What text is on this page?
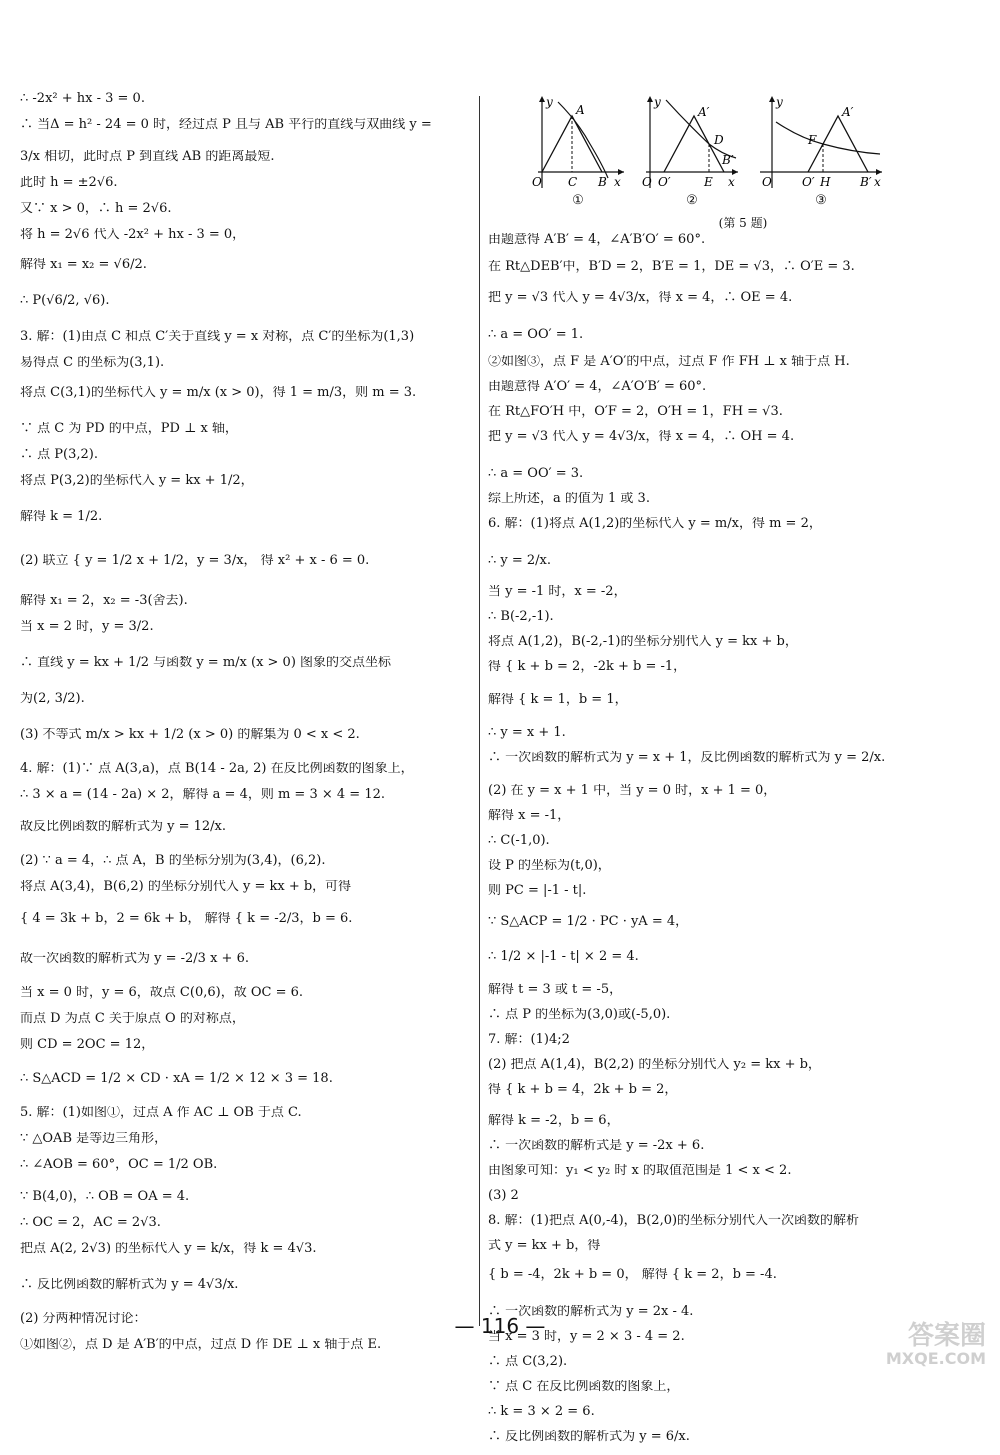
∴ -2x² + hx - 3 = 0.
∴ 当Δ = h² - 24 = 0 时，经过点 P 且与 AB 平行的直线与双曲线 y =
3/x 相切，此时点 P 到直线 AB 的距离最短.
此时 h = ±2√6.
又∵ x > 0，∴ h = 2√6.
将 h = 2√6 代入 -2x² + hx - 3 = 0，
解得 x₁ = x₂ = √6/2.
∴ P(√6/2, √6).
3. 解：(1)由点 C 和点 C′关于直线 y = x 对称，点 C′的坐标为(1,3)
易得点 C 的坐标为(3,1).
将点 C(3,1)的坐标代入 y = m/x (x > 0)，得 1 = m/3，则 m = 3.
∵ 点 C 为 PD 的中点，PD ⊥ x 轴，
∴ 点 P(3,2).
将点 P(3,2)的坐标代入 y = kx + 1/2，
解得 k = 1/2.
(2) 联立 { y = 1/2 x + 1/2，y = 3/x， 得 x² + x - 6 = 0.
解得 x₁ = 2，x₂ = -3(舍去).
当 x = 2 时，y = 3/2.
∴ 直线 y = kx + 1/2 与函数 y = m/x (x > 0) 图象的交点坐标
为(2, 3/2).
(3) 不等式 m/x > kx + 1/2 (x > 0) 的解集为 0 < x < 2.
4. 解：(1)∵ 点 A(3,a)，点 B(14 - 2a, 2) 在反比例函数的图象上，
∴ 3 × a = (14 - 2a) × 2，解得 a = 4，则 m = 3 × 4 = 12.
故反比例函数的解析式为 y = 12/x.
(2) ∵ a = 4，∴ 点 A，B 的坐标分别为(3,4)，(6,2).
将点 A(3,4)，B(6,2) 的坐标分别代入 y = kx + b，可得
{ 4 = 3k + b，2 = 6k + b， 解得 { k = -2/3，b = 6.
故一次函数的解析式为 y = -2/3 x + 6.
当 x = 0 时，y = 6，故点 C(0,6)，故 OC = 6.
而点 D 为点 C 关于原点 O 的对称点，
则 CD = 2OC = 12，
∴ S△ACD = 1/2 × CD · xA = 1/2 × 12 × 3 = 18.
5. 解：(1)如图①，过点 A 作 AC ⊥ OB 于点 C.
∵ △OAB 是等边三角形，
∴ ∠AOB = 60°，OC = 1/2 OB.
∵ B(4,0)，∴ OB = OA = 4.
∴ OC = 2，AC = 2√3.
把点 A(2, 2√3) 的坐标代入 y = k/x，得 k = 4√3.
∴ 反比例函数的解析式为 y = 4√3/x.
(2) 分两种情况讨论：
①如图②，点 D 是 A′B′的中点，过点 D 作 DE ⊥ x 轴于点 E.
A
O C B x
y
①
A′
D
B′
O O′	E x
y
②
A′
F
O	O′ H B′ x
y
③
(第 5 题)
由题意得 A′B′ = 4，∠A′B′O′ = 60°.
在 Rt△DEB′中，B′D = 2，B′E = 1，DE = √3，∴ O′E = 3.
把 y = √3 代入 y = 4√3/x，得 x = 4，∴ OE = 4.
∴ a = OO′ = 1.
②如图③，点 F 是 A′O′的中点，过点 F 作 FH ⊥ x 轴于点 H.
由题意得 A′O′ = 4，∠A′O′B′ = 60°.
在 Rt△FO′H 中，O′F = 2，O′H = 1，FH = √3.
把 y = √3 代入 y = 4√3/x，得 x = 4，∴ OH = 4.
∴ a = OO′ = 3.
综上所述，a 的值为 1 或 3.
6. 解：(1)将点 A(1,2)的坐标代入 y = m/x，得 m = 2，
∴ y = 2/x.
当 y = -1 时，x = -2，
∴ B(-2,-1).
将点 A(1,2)，B(-2,-1)的坐标分别代入 y = kx + b，
得 { k + b = 2，-2k + b = -1，
解得 { k = 1，b = 1，
∴ y = x + 1.
∴ 一次函数的解析式为 y = x + 1，反比例函数的解析式为 y = 2/x.
(2) 在 y = x + 1 中，当 y = 0 时，x + 1 = 0，
解得 x = -1，
∴ C(-1,0).
设 P 的坐标为(t,0)，
则 PC = |-1 - t|.
∵ S△ACP = 1/2 · PC · yA = 4，
∴ 1/2 × |-1 - t| × 2 = 4.
解得 t = 3 或 t = -5，
∴ 点 P 的坐标为(3,0)或(-5,0).
7. 解：(1)4;2
(2) 把点 A(1,4)，B(2,2) 的坐标分别代入 y₂ = kx + b，
得 { k + b = 4，2k + b = 2，
解得 k = -2，b = 6，
∴ 一次函数的解析式是 y = -2x + 6.
由图象可知：y₁ < y₂ 时 x 的取值范围是 1 < x < 2.
(3) 2
8. 解：(1)把点 A(0,-4)，B(2,0)的坐标分别代入一次函数的解析
式 y = kx + b，得
{ b = -4，2k + b = 0， 解得 { k = 2，b = -4.
∴ 一次函数的解析式为 y = 2x - 4.
当 x = 3 时，y = 2 × 3 - 4 = 2.
∴ 点 C(3,2).
∵ 点 C 在反比例函数的图象上，
∴ k = 3 × 2 = 6.
∴ 反比例函数的解析式为 y = 6/x.
— 116 —	答案圈
MXQE.COM
